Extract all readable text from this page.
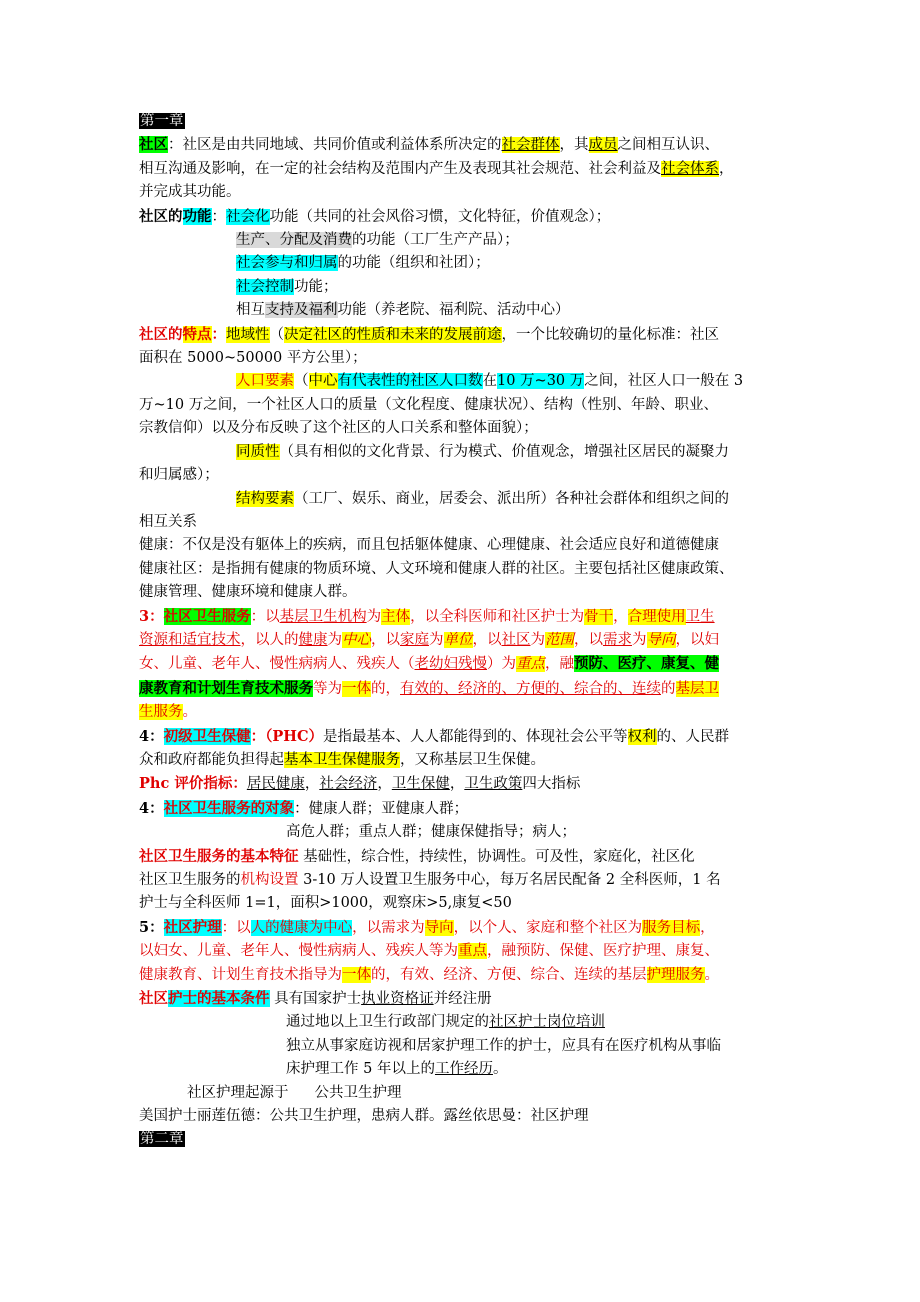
第一章
社区：社区是由共同地域、共同价值或利益体系所决定的社会群体，其成员之间相互认识、
相互沟通及影响，在一定的社会结构及范围内产生及表现其社会规范、社会利益及社会体系，
并完成其功能。
社区的功能：社会化功能（共同的社会风俗习惯，文化特征，价值观念）；
生产、分配及消费的功能（工厂生产产品）；
社会参与和归属的功能（组织和社团）；
社会控制功能；
相互支持及福利功能（养老院、福利院、活动中心）
社区的特点：地域性（决定社区的性质和未来的发展前途，一个比较确切的量化标准：社区
面积在 5000~50000 平方公里）；
人口要素（中心有代表性的社区人口数在10 万~30 万之间，社区人口一般在 3
万~10 万之间，一个社区人口的质量（文化程度、健康状况）、结构（性别、年龄、职业、
宗教信仰）以及分布反映了这个社区的人口关系和整体面貌）；
同质性（具有相似的文化背景、行为模式、价值观念，增强社区居民的凝聚力
和归属感）；
结构要素（工厂、娱乐、商业，居委会、派出所）各种社会群体和组织之间的
相互关系
健康：不仅是没有躯体上的疾病，而且包括躯体健康、心理健康、社会适应良好和道德健康
健康社区：是指拥有健康的物质环境、人文环境和健康人群的社区。主要包括社区健康政策、
健康管理、健康环境和健康人群。
3：社区卫生服务：以基层卫生机构为主体，以全科医师和社区护士为骨干，合理使用卫生
资源和适宜技术，以人的健康为中心，以家庭为单位，以社区为范围，以需求为导向，以妇
女、儿童、老年人、慢性病病人、残疾人（老幼妇残慢）为重点，融预防、医疗、康复、健
康教育和计划生育技术服务等为一体的，有效的、经济的、方便的、综合的、连续的基层卫
生服务。
4：初级卫生保健：（PHC）是指最基本、人人都能得到的、体现社会公平等权利的、人民群
众和政府都能负担得起基本卫生保健服务，又称基层卫生保健。
Phc 评价指标：居民健康，社会经济，卫生保健，卫生政策四大指标
4：社区卫生服务的对象：健康人群；亚健康人群；
高危人群；重点人群；健康保健指导；病人；
社区卫生服务的基本特征 基础性，综合性，持续性，协调性。可及性，家庭化，社区化
社区卫生服务的机构设置 3-10 万人设置卫生服务中心，每万名居民配备 2 全科医师，1 名
护士与全科医师 1=1，面积>1000，观察床>5,康复<50
5：社区护理：以人的健康为中心，以需求为导向，以个人、家庭和整个社区为服务目标，
以妇女、儿童、老年人、慢性病病人、残疾人等为重点，融预防、保健、医疗护理、康复、
健康教育、计划生育技术指导为一体的，有效、经济、方便、综合、连续的基层护理服务。
社区护士的基本条件 具有国家护士执业资格证并经注册
通过地以上卫生行政部门规定的社区护士岗位培训
独立从事家庭访视和居家护理工作的护士，应具有在医疗机构从事临
床护理工作 5 年以上的工作经历。
社区护理起源于 公共卫生护理
美国护士丽莲伍德：公共卫生护理，患病人群。露丝依思曼：社区护理
第二章
